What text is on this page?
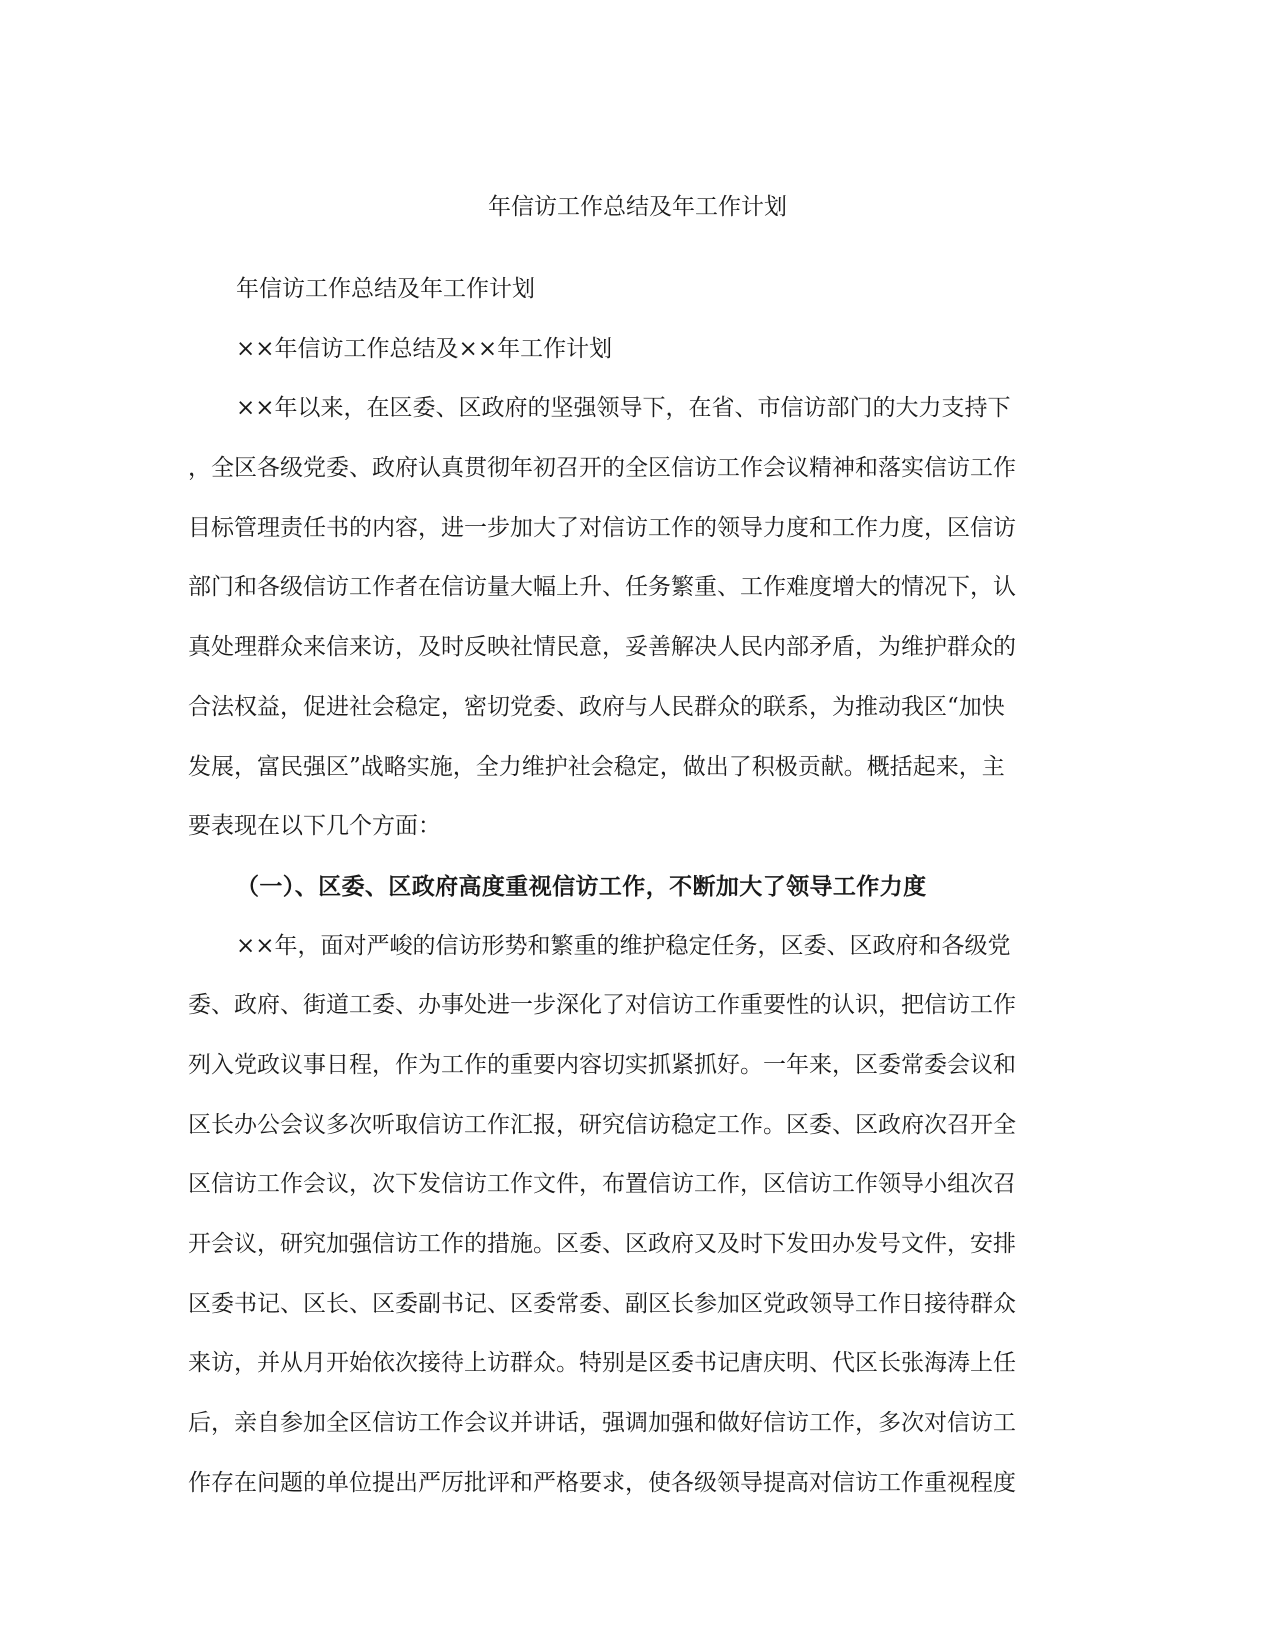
年信访工作总结及年工作计划
年信访工作总结及年工作计划
××年信访工作总结及××年工作计划
××年以来，在区委、区政府的坚强领导下，在省、市信访部门的大力支持下
，全区各级党委、政府认真贯彻年初召开的全区信访工作会议精神和落实信访工作
目标管理责任书的内容，进一步加大了对信访工作的领导力度和工作力度，区信访
部门和各级信访工作者在信访量大幅上升、任务繁重、工作难度增大的情况下，认
真处理群众来信来访，及时反映社情民意，妥善解决人民内部矛盾，为维护群众的
合法权益，促进社会稳定，密切党委、政府与人民群众的联系，为推动我区“加快
发展，富民强区”战略实施，全力维护社会稳定，做出了积极贡献。概括起来，主
要表现在以下几个方面：
（一）、区委、区政府高度重视信访工作，不断加大了领导工作力度
××年，面对严峻的信访形势和繁重的维护稳定任务，区委、区政府和各级党
委、政府、街道工委、办事处进一步深化了对信访工作重要性的认识，把信访工作
列入党政议事日程，作为工作的重要内容切实抓紧抓好。一年来，区委常委会议和
区长办公会议多次听取信访工作汇报，研究信访稳定工作。区委、区政府次召开全
区信访工作会议，次下发信访工作文件，布置信访工作，区信访工作领导小组次召
开会议，研究加强信访工作的措施。区委、区政府又及时下发田办发号文件，安排
区委书记、区长、区委副书记、区委常委、副区长参加区党政领导工作日接待群众
来访，并从月开始依次接待上访群众。特别是区委书记唐庆明、代区长张海涛上任
后，亲自参加全区信访工作会议并讲话，强调加强和做好信访工作，多次对信访工
作存在问题的单位提出严厉批评和严格要求，使各级领导提高对信访工作重视程度
